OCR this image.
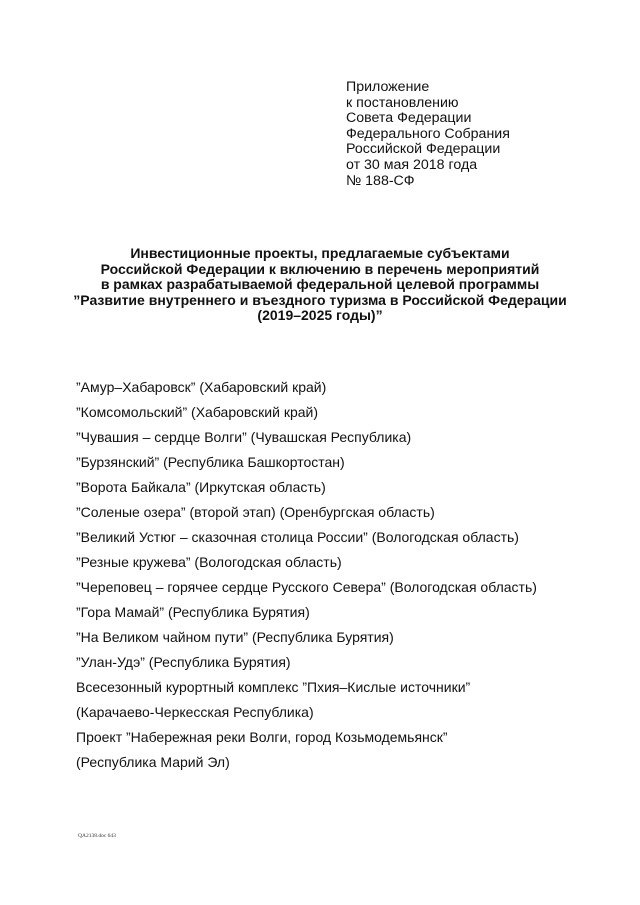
Приложение
к постановлению
Совета Федерации
Федерального Собрания
Российской Федерации
от 30 мая 2018 года
№ 188-СФ
Инвестиционные проекты, предлагаемые субъектами
Российской Федерации к включению в перечень мероприятий
в рамках разрабатываемой федеральной целевой программы
”Развитие внутреннего и въездного туризма в Российской Федерации
(2019–2025 годы)”
”Амур–Хабаровск” (Хабаровский край)
”Комсомольский” (Хабаровский край)
”Чувашия – сердце Волги” (Чувашская Республика)
”Бурзянский” (Республика Башкортостан)
”Ворота Байкала” (Иркутская область)
”Соленые озера” (второй этап) (Оренбургская область)
”Великий Устюг – сказочная столица России” (Вологодская область)
”Резные кружева” (Вологодская область)
”Череповец – горячее сердце Русского Севера” (Вологодская область)
”Гора Мамай” (Республика Бурятия)
”На Великом чайном пути” (Республика Бурятия)
”Улан-Удэ” (Республика Бурятия)
Всесезонный курортный комплекс ”Пхия–Кислые источники”
(Карачаево-Черкесская Республика)
Проект ”Набережная реки Волги, город Козьмодемьянск”
(Республика Марий Эл)
QA2138.doc 643
